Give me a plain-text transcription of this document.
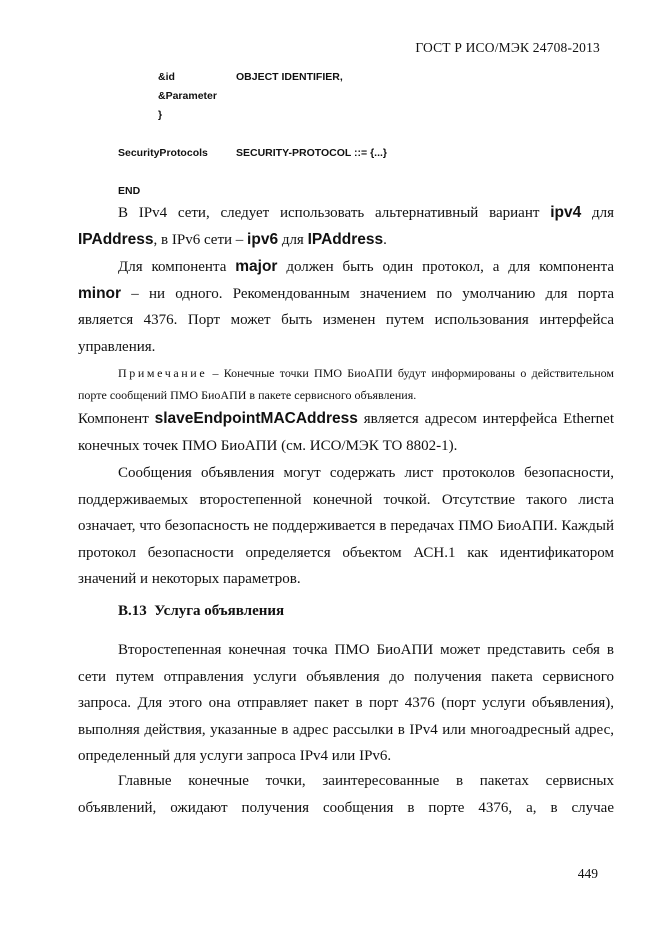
ГОСТ Р ИСО/МЭК 24708-2013
&id	OBJECT IDENTIFIER,
&Parameter
}
SecurityProtocols	SECURITY-PROTOCOL ::= {...}
END
В IPv4 сети, следует использовать альтернативный вариант ipv4 для IPAddress, в IPv6 сети – ipv6 для IPAddress.
Для компонента major должен быть один протокол, а для компонента minor – ни одного. Рекомендованным значением по умолчанию для порта является 4376. Порт может быть изменен путем использования интерфейса управления.
Примечание – Конечные точки ПМО БиоАПИ будут информированы о действительном порте сообщений ПМО БиоАПИ в пакете сервисного объявления.
Компонент slaveEndpointMACAddress является адресом интерфейса Ethernet конечных точек ПМО БиоАПИ (см. ИСО/МЭК ТО 8802-1).
Сообщения объявления могут содержать лист протоколов безопасности, поддерживаемых второстепенной конечной точкой. Отсутствие такого листа означает, что безопасность не поддерживается в передачах ПМО БиоАПИ. Каждый протокол безопасности определяется объектом АСН.1 как идентификатором значений и некоторых параметров.
B.13 Услуга объявления
Второстепенная конечная точка ПМО БиоАПИ может представить себя в сети путем отправления услуги объявления до получения пакета сервисного запроса. Для этого она отправляет пакет в порт 4376 (порт услуги объявления), выполняя действия, указанные в адрес рассылки в IPv4 или многоадресный адрес, определенный для услуги запроса IPv4 или IPv6.
Главные конечные точки, заинтересованные в пакетах сервисных объявлений, ожидают получения сообщения в порте 4376, а, в случае
449
